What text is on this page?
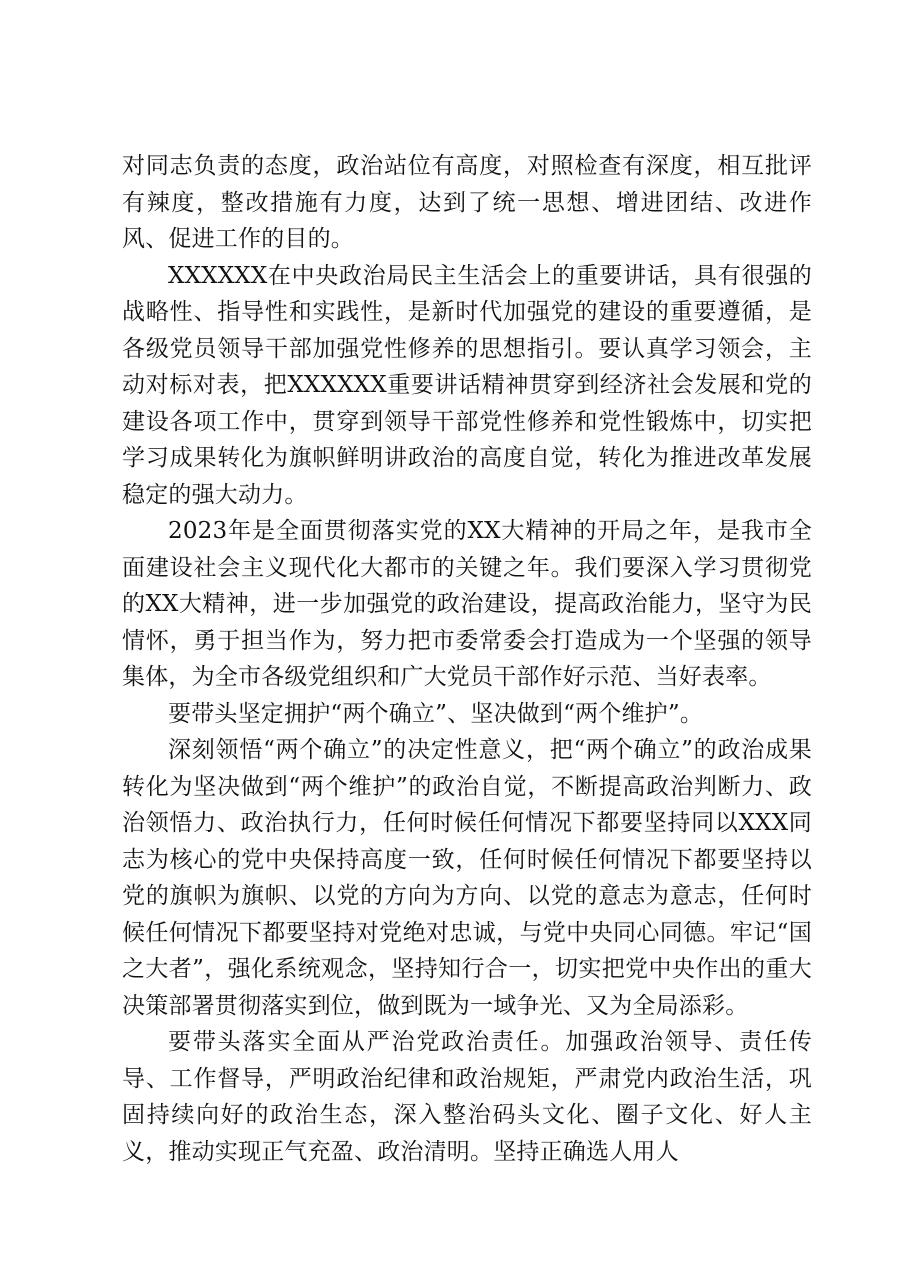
对同志负责的态度，政治站位有高度，对照检查有深度，相互批评有辣度，整改措施有力度，达到了统一思想、增进团结、改进作风、促进工作的目的。

XXXXXX在中央政治局民主生活会上的重要讲话，具有很强的战略性、指导性和实践性，是新时代加强党的建设的重要遵循，是各级党员领导干部加强党性修养的思想指引。要认真学习领会，主动对标对表，把XXXXXX重要讲话精神贯穿到经济社会发展和党的建设各项工作中，贯穿到领导干部党性修养和党性锻炼中，切实把学习成果转化为旗帜鲜明讲政治的高度自觉，转化为推进改革发展稳定的强大动力。

2023年是全面贯彻落实党的XX大精神的开局之年，是我市全面建设社会主义现代化大都市的关键之年。我们要深入学习贯彻党的XX大精神，进一步加强党的政治建设，提高政治能力，坚守为民情怀，勇于担当作为，努力把市委常委会打造成为一个坚强的领导集体，为全市各级党组织和广大党员干部作好示范、当好表率。

要带头坚定拥护“两个确立”、坚决做到“两个维护”。

深刻领悟“两个确立”的决定性意义，把“两个确立”的政治成果转化为坚决做到“两个维护”的政治自觉，不断提高政治判断力、政治领悟力、政治执行力，任何时候任何情况下都要坚持同以XXX同志为核心的党中央保持高度一致，任何时候任何情况下都要坚持以党的旗帜为旗帜、以党的方向为方向、以党的意志为意志，任何时候任何情况下都要坚持对党绝对忠诚，与党中央同心同德。牢记“国之大者”，强化系统观念，坚持知行合一，切实把党中央作出的重大决策部署贯彻落实到位，做到既为一域争光、又为全局添彩。

要带头落实全面从严治党政治责任。加强政治领导、责任传导、工作督导，严明政治纪律和政治规矩，严肃党内政治生活，巩固持续向好的政治生态，深入整治码头文化、圈子文化、好人主义，推动实现正气充盈、政治清明。坚持正确选人用人
